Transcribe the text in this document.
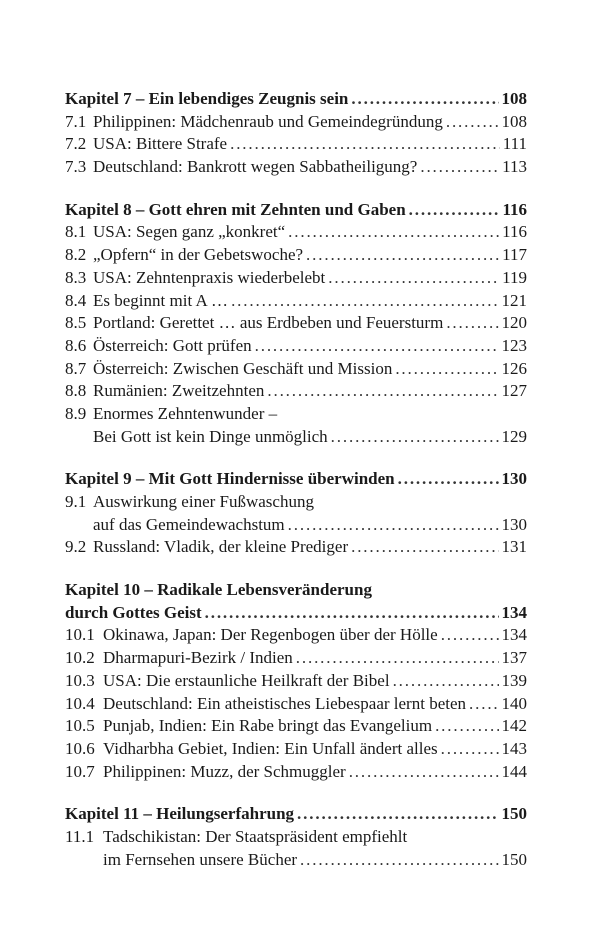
Kapitel 7 – Ein lebendiges Zeugnis sein . . .	108
7.1 Philippinen: Mädchenraub und Gemeindegründung . . .	108
7.2 USA: Bittere Strafe . . .	111
7.3 Deutschland: Bankrott wegen Sabbatheiligung? . . .	113
Kapitel 8 – Gott ehren mit Zehnten und Gaben . . .	116
8.1 USA: Segen ganz „konkret“ . . .	116
8.2 „Opfern“ in der Gebetswoche? . . .	117
8.3 USA: Zehntenpraxis wiederbelebt . . .	119
8.4 Es beginnt mit A … . . .	121
8.5 Portland: Gerettet … aus Erdbeben und Feuersturm . . .	120
8.6 Österreich: Gott prüfen . . .	123
8.7 Österreich: Zwischen Geschäft und Mission . . .	126
8.8 Rumänien: Zweitzehnten . . .	127
8.9 Enormes Zehntenwunder –
Bei Gott ist kein Dinge unmöglich . . .	129
Kapitel 9 – Mit Gott Hindernisse überwinden . . .	130
9.1 Auswirkung einer Fußwaschung
auf das Gemeindewachstum . . .	130
9.2 Russland: Vladik, der kleine Prediger . . .	131
Kapitel 10 – Radikale Lebensveränderung
durch Gottes Geist . . .	134
10.1 Okinawa, Japan: Der Regenbogen über der Hölle . . .	134
10.2 Dharmapuri-Bezirk / Indien . . .	137
10.3 USA: Die erstaunliche Heilkraft der Bibel . . .	139
10.4 Deutschland: Ein atheistisches Liebespaar lernt beten . . . 140
10.5 Punjab, Indien: Ein Rabe bringt das Evangelium . . .	142
10.6 Vidharbha Gebiet, Indien: Ein Unfall ändert alles . . .	143
10.7 Philippinen: Muzz, der Schmuggler . . .	144
Kapitel 11 – Heilungserfahrung . . .	150
11.1 Tadschikistan: Der Staatspräsident empfiehlt
im Fernsehen unsere Bücher . . .	150
